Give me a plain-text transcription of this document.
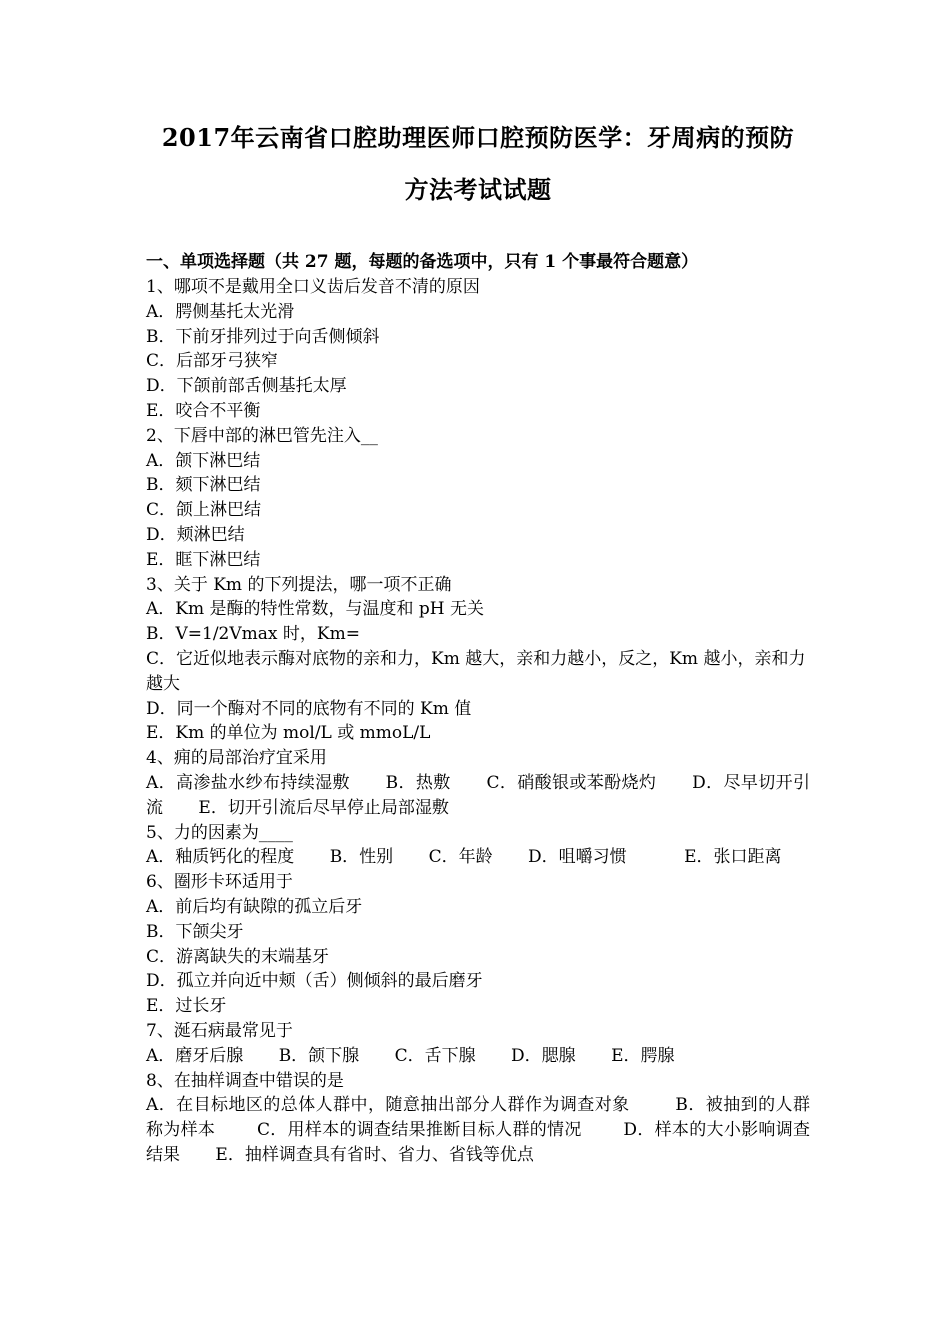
2017年云南省口腔助理医师口腔预防医学：牙周病的预防
方法考试试题
一、单项选择题（共 27 题，每题的备选项中，只有 1 个事最符合题意）
1、哪项不是戴用全口义齿后发音不清的原因
A．腭侧基托太光滑
B．下前牙排列过于向舌侧倾斜
C．后部牙弓狭窄
D．下颌前部舌侧基托太厚
E．咬合不平衡
2、下唇中部的淋巴管先注入__
A．颌下淋巴结
B．颏下淋巴结
C．颌上淋巴结
D．颊淋巴结
E．眶下淋巴结
3、关于 Km 的下列提法，哪一项不正确
A．Km 是酶的特性常数，与温度和 pH 无关
B．V=1/2Vmax 时，Km=
C．它近似地表示酶对底物的亲和力，Km 越大，亲和力越小，反之，Km 越小，亲和力越大
D．同一个酶对不同的底物有不同的 Km 值
E．Km 的单位为 mol/L 或 mmoL/L
4、痈的局部治疗宜采用
A．高渗盐水纱布持续湿敷 B．热敷 C．硝酸银或苯酚烧灼 D．尽早切开引流 E．切开引流后尽早停止局部湿敷
5、力的因素为____
A．釉质钙化的程度 B．性别 C．年龄 D．咀嚼习惯	E．张口距离
6、圈形卡环适用于
A．前后均有缺隙的孤立后牙
B．下颌尖牙
C．游离缺失的末端基牙
D．孤立并向近中颊（舌）侧倾斜的最后磨牙
E．过长牙
7、涎石病最常见于
A．磨牙后腺 B．颌下腺 C．舌下腺 D．腮腺 E．腭腺
8、在抽样调查中错误的是
A．在目标地区的总体人群中，随意抽出部分人群作为调查对象	B．被抽到的人群称为样本 C．用样本的调查结果推断目标人群的情况 D．样本的大小影响调查结果 E．抽样调查具有省时、省力、省钱等优点
